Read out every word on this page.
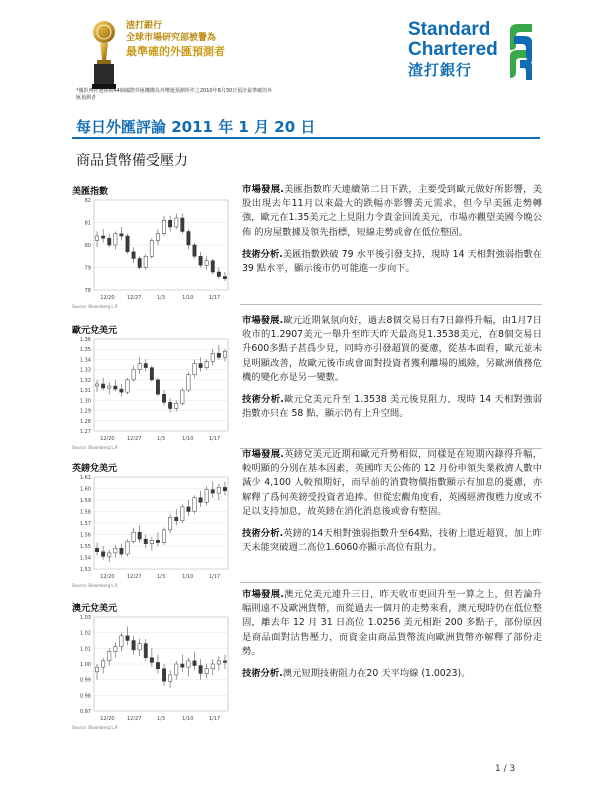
渣打銀行
全球市場研究部被譽為
最準確的外匯預測者
*據彭博社選擇就44個國際外匯機構為外幣運預測所作之2010年8月30日預計最準確的外匯預測者
Standard
Chartered
渣打銀行
每日外匯評論 2011 年 1 月 20 日
商品貨幣備受壓力
美匯指數
78
79
80
81
82
12/20 12/27	1/3	1/10	1/17
Source: Bloomberg L.P.
市場發展.美匯指數昨天連續第二日下跌，主要受到歐元做好所影響，美股出現去年11月以來最大的跌幅亦影響美元需求，但今早美匯走勢轉強，歐元在1.35美元之上見阻力令貴金回流美元，市場亦觀望美國今晚公佈 的房屋數據及領先指標，短線走勢或會在低位整固。
技術分析.美匯指數跌破 79 水平後引發支持，現時 14 天相對強弱指數在 39 點水平，顯示後市仍可能進一步向下。
歐元兌美元
1.27
1.28
1.29
1.30
1.31
1.32
1.33
1.34
1.35
1.36
12/20 12/27	1/3	1/10	1/17
Source: Bloomberg L.P.
市場發展.歐元近期氣氛向好，過去8個交易日有7日錄得升幅，由1月7日收市的1.2907美元一舉升至昨天昨天最高見1.3538美元，在8個交易日升600多點子甚爲少見，同時亦引發超買的憂慮，從基本面看，歐元並未見明顯改善，故歐元後市或會面對投資者獲利離場的風險，另歐洲債務危機的變化亦是另一變數。
技術分析.歐元兌美元升至 1.3538 美元後見阻力，現時 14 天相對強弱指數亦只在 58 點，顯示仍有上升空間。
英鎊兌美元
1.53
1.54
1.55
1.56
1.57
1.58
1.59
1.60
1.61
12/20 12/27	1/3	1/10	1/17
Source: Bloomberg L.P.
市場發展.英鎊兌美元近期和歐元升勢相似，同樣是在短期內錄得升幅，較明顯的分別在基本因素，英國昨天公佈的 12 月份申領失業救濟人數中減少 4,100 人較預期好，而早前的消費物價指數顯示有加息的憂慮，亦解釋了爲何英鎊受投資者追捧。但從宏觀角度看，英國經濟復甦力度或不足以支持加息，故英鎊在消化消息後或會有整固。
技術分析.英鎊的14天相對強弱指數升至64點，技術上還近超買，加上昨天未能突破週二高位1.6060亦顯示高位有阻力。
澳元兌美元
0.97
0.98
0.99
1.00
1.01
1.02
1.03
12/20 12/27	1/3	1/10	1/17
Source: Bloomberg L.P.
市場發展.澳元兌美元連升三日，昨天收市更回升至一算之上，但若論升幅則遠不及歐洲貨幣，而從過去一個月的走勢來看，澳元現時仍在低位整固，離去年 12 月 31 日高位 1.0256 美元相距 200 多點子，部份原因是商品面對沽售壓力，而資金由商品貨幣流向歐洲貨幣亦解釋了部份走勢。
技術分析.澳元短期技術阻力在20 天平均線 (1.0023)。
1 / 3
